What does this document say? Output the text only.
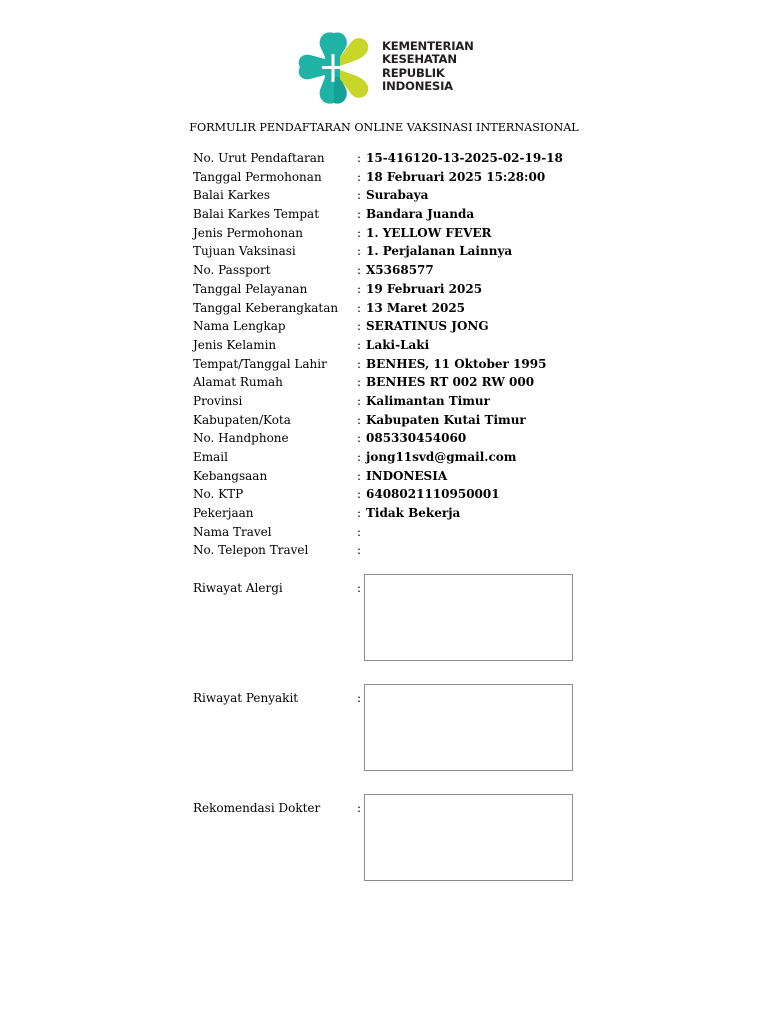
KEMENTERIAN
KESEHATAN
REPUBLIK
INDONESIA
FORMULIR PENDAFTARAN ONLINE VAKSINASI INTERNASIONAL
No. Urut Pendaftaran	: 15-416120-13-2025-02-19-18
Tanggal Permohonan	: 18 Februari 2025 15:28:00
Balai Karkes	: Surabaya
Balai Karkes Tempat	: Bandara Juanda
Jenis Permohonan	: 1. YELLOW FEVER
Tujuan Vaksinasi	: 1. Perjalanan Lainnya
No. Passport	: X5368577
Tanggal Pelayanan	: 19 Februari 2025
Tanggal Keberangkatan : 13 Maret 2025
Nama Lengkap	: SERATINUS JONG
Jenis Kelamin	: Laki-Laki
Tempat/Tanggal Lahir	: BENHES, 11 Oktober 1995
Alamat Rumah	: BENHES RT 002 RW 000
Provinsi	: Kalimantan Timur
Kabupaten/Kota	: Kabupaten Kutai Timur
No. Handphone	: 085330454060
Email	: jong11svd@gmail.com
Kebangsaan	: INDONESIA
No. KTP	: 6408021110950001
Pekerjaan	: Tidak Bekerja
Nama Travel	:
No. Telepon Travel	:
Riwayat Alergi	:
Riwayat Penyakit	:
Rekomendasi Dokter	:
